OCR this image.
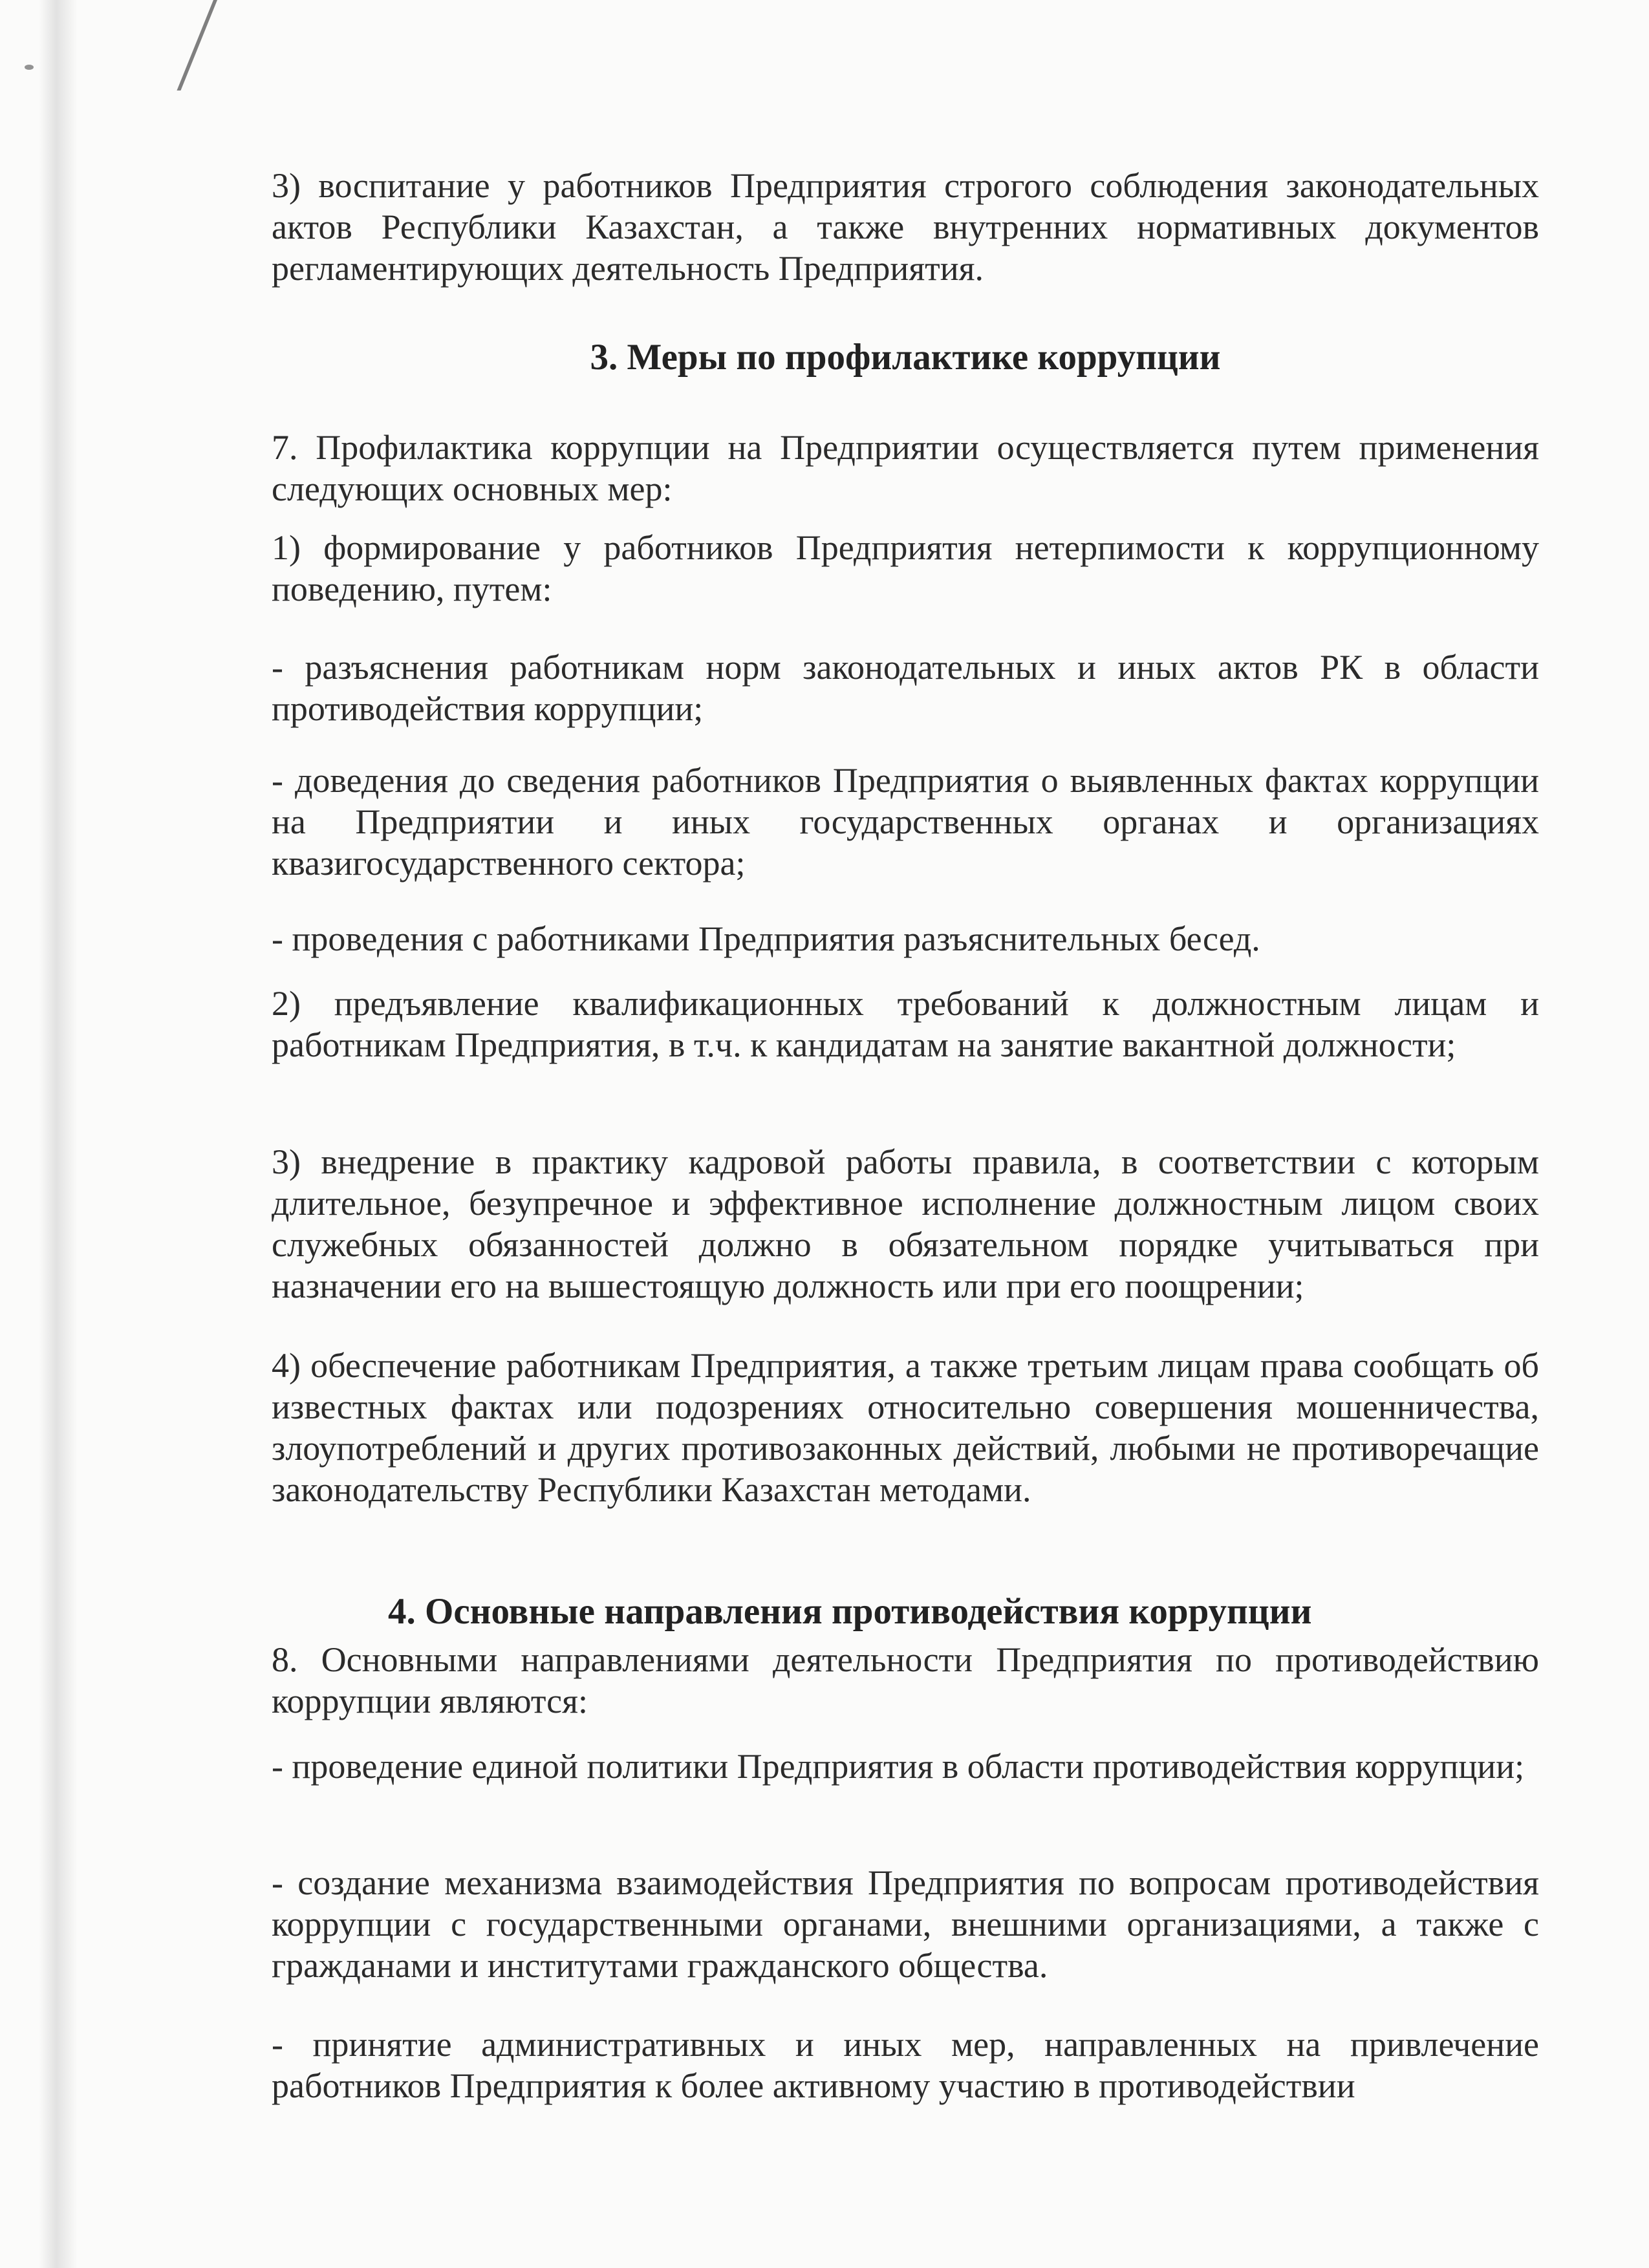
3) воспитание у работников Предприятия строгого соблюдения законодательных актов Республики Казахстан, а также внутренних нормативных документов регламентирующих деятельность Предприятия.

3. Меры по профилактике коррупции

7. Профилактика коррупции на Предприятии осуществляется путем применения следующих основных мер:

1) формирование у работников Предприятия нетерпимости к коррупционному поведению, путем:

- разъяснения работникам норм законодательных и иных актов РК в области противодействия коррупции;

- доведения до сведения работников Предприятия о выявленных фактах коррупции на Предприятии и иных государственных органах и организациях квазигосударственного сектора;

- проведения с работниками Предприятия разъяснительных бесед.

2) предъявление квалификационных требований к должностным лицам и работникам Предприятия, в т.ч. к кандидатам на занятие вакантной должности;

3) внедрение в практику кадровой работы правила, в соответствии с которым длительное, безупречное и эффективное исполнение должностным лицом своих служебных обязанностей должно в обязательном порядке учитываться при назначении его на вышестоящую должность или при его поощрении;

4) обеспечение работникам Предприятия, а также третьим лицам права сообщать об известных фактах или подозрениях относительно совершения мошенничества, злоупотреблений и других противозаконных действий, любыми не противоречащие законодательству Республики Казахстан методами.

4. Основные направления противодействия коррупции

8. Основными направлениями деятельности Предприятия по противодействию коррупции являются:

- проведение единой политики Предприятия в области противодействия коррупции;

- создание механизма взаимодействия Предприятия по вопросам противодействия коррупции с государственными органами, внешними организациями, а также с гражданами и институтами гражданского общества.

- принятие административных и иных мер, направленных на привлечение работников Предприятия к более активному участию в противодействии
